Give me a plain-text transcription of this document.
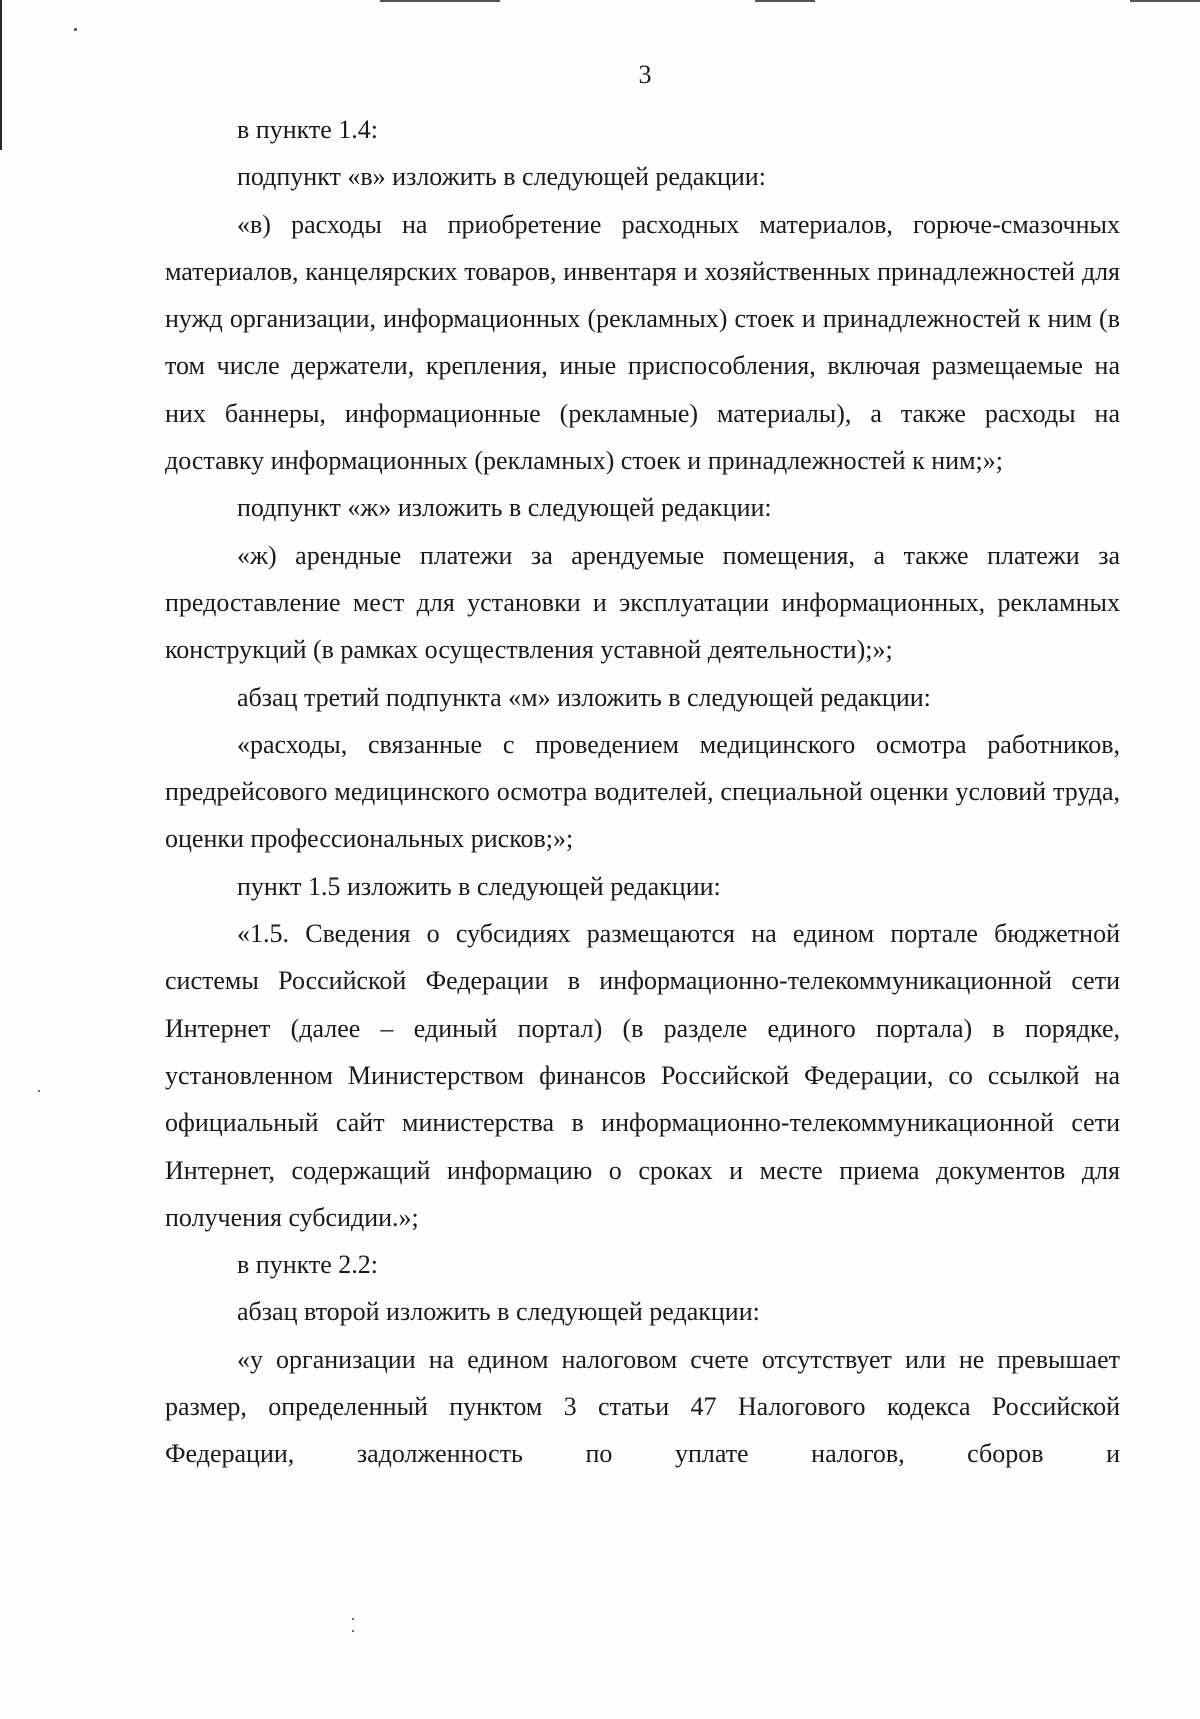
3

в пункте 1.4:

подпункт «в» изложить в следующей редакции:

«в) расходы на приобретение расходных материалов, горюче-смазочных материалов, канцелярских товаров, инвентаря и хозяйственных принадлежностей для нужд организации, информационных (рекламных) стоек и принадлежностей к ним (в том числе держатели, крепления, иные приспособления, включая размещаемые на них баннеры, информационные (рекламные) материалы), а также расходы на доставку информационных (рекламных) стоек и принадлежностей к ним;»;

подпункт «ж» изложить в следующей редакции:

«ж) арендные платежи за арендуемые помещения, а также платежи за предоставление мест для установки и эксплуатации информационных, рекламных конструкций (в рамках осуществления уставной деятельности);»;

абзац третий подпункта «м» изложить в следующей редакции:

«расходы, связанные с проведением медицинского осмотра работников, предрейсового медицинского осмотра водителей, специальной оценки условий труда, оценки профессиональных рисков;»;

пункт 1.5 изложить в следующей редакции:

«1.5. Сведения о субсидиях размещаются на едином портале бюджетной системы Российской Федерации в информационно-телекоммуникационной сети Интернет (далее – единый портал) (в разделе единого портала) в порядке, установленном Министерством финансов Российской Федерации, со ссылкой на официальный сайт министерства в информационно-телекоммуникационной сети Интернет, содержащий информацию о сроках и месте приема документов для получения субсидии.»;

в пункте 2.2:

абзац второй изложить в следующей редакции:

«у организации на едином налоговом счете отсутствует или не превышает размер, определенный пунктом 3 статьи 47 Налогового кодекса Российской Федерации, задолженность по уплате налогов, сборов и
